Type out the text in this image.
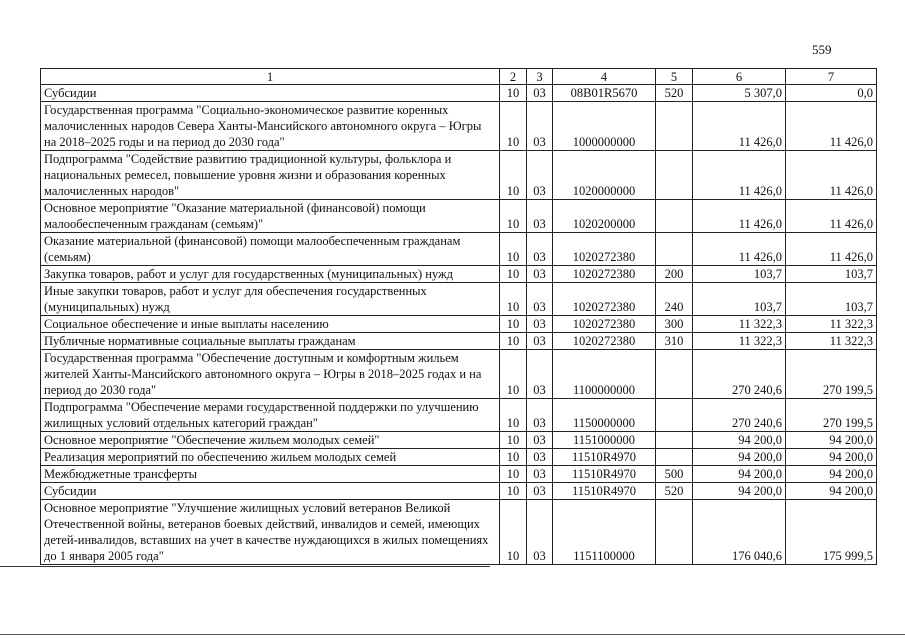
559
1	2	3	4	5	6	7
Субсидии	10	03	08B01R5670	520	5 307,0	0,0
Государственная программа "Социально-экономическое развитие коренных малочисленных народов Севера Ханты-Мансийского автономного округа – Югры на 2018–2025 годы и на период до 2030 года"	10	03	1000000000		11 426,0	11 426,0
Подпрограмма "Содействие развитию традиционной культуры, фольклора и национальных ремесел, повышение уровня жизни и образования коренных малочисленных народов"	10	03	1020000000		11 426,0	11 426,0
Основное мероприятие "Оказание материальной (финансовой) помощи малообеспеченным гражданам (семьям)"	10	03	1020200000		11 426,0	11 426,0
Оказание материальной (финансовой) помощи малообеспеченным гражданам (семьям)	10	03	1020272380		11 426,0	11 426,0
Закупка товаров, работ и услуг для государственных (муниципальных) нужд	10	03	1020272380	200	103,7	103,7
Иные закупки товаров, работ и услуг для обеспечения государственных (муниципальных) нужд	10	03	1020272380	240	103,7	103,7
Социальное обеспечение и иные выплаты населению	10	03	1020272380	300	11 322,3	11 322,3
Публичные нормативные социальные выплаты гражданам	10	03	1020272380	310	11 322,3	11 322,3
Государственная программа "Обеспечение доступным и комфортным жильем жителей Ханты-Мансийского автономного округа – Югры в 2018–2025 годах и на период до 2030 года"	10	03	1100000000		270 240,6	270 199,5
Подпрограмма "Обеспечение мерами государственной поддержки по улучшению жилищных условий отдельных категорий граждан"	10	03	1150000000		270 240,6	270 199,5
Основное мероприятие "Обеспечение жильем молодых семей"	10	03	1151000000		94 200,0	94 200,0
Реализация мероприятий по обеспечению жильем молодых семей	10	03	11510R4970		94 200,0	94 200,0
Межбюджетные трансферты	10	03	11510R4970	500	94 200,0	94 200,0
Субсидии	10	03	11510R4970	520	94 200,0	94 200,0
Основное мероприятие "Улучшение жилищных условий ветеранов Великой Отечественной войны, ветеранов боевых действий, инвалидов и семей, имеющих детей-инвалидов, вставших на учет в качестве нуждающихся в жилых помещениях до 1 января 2005 года"	10	03	1151100000		176 040,6	175 999,5
